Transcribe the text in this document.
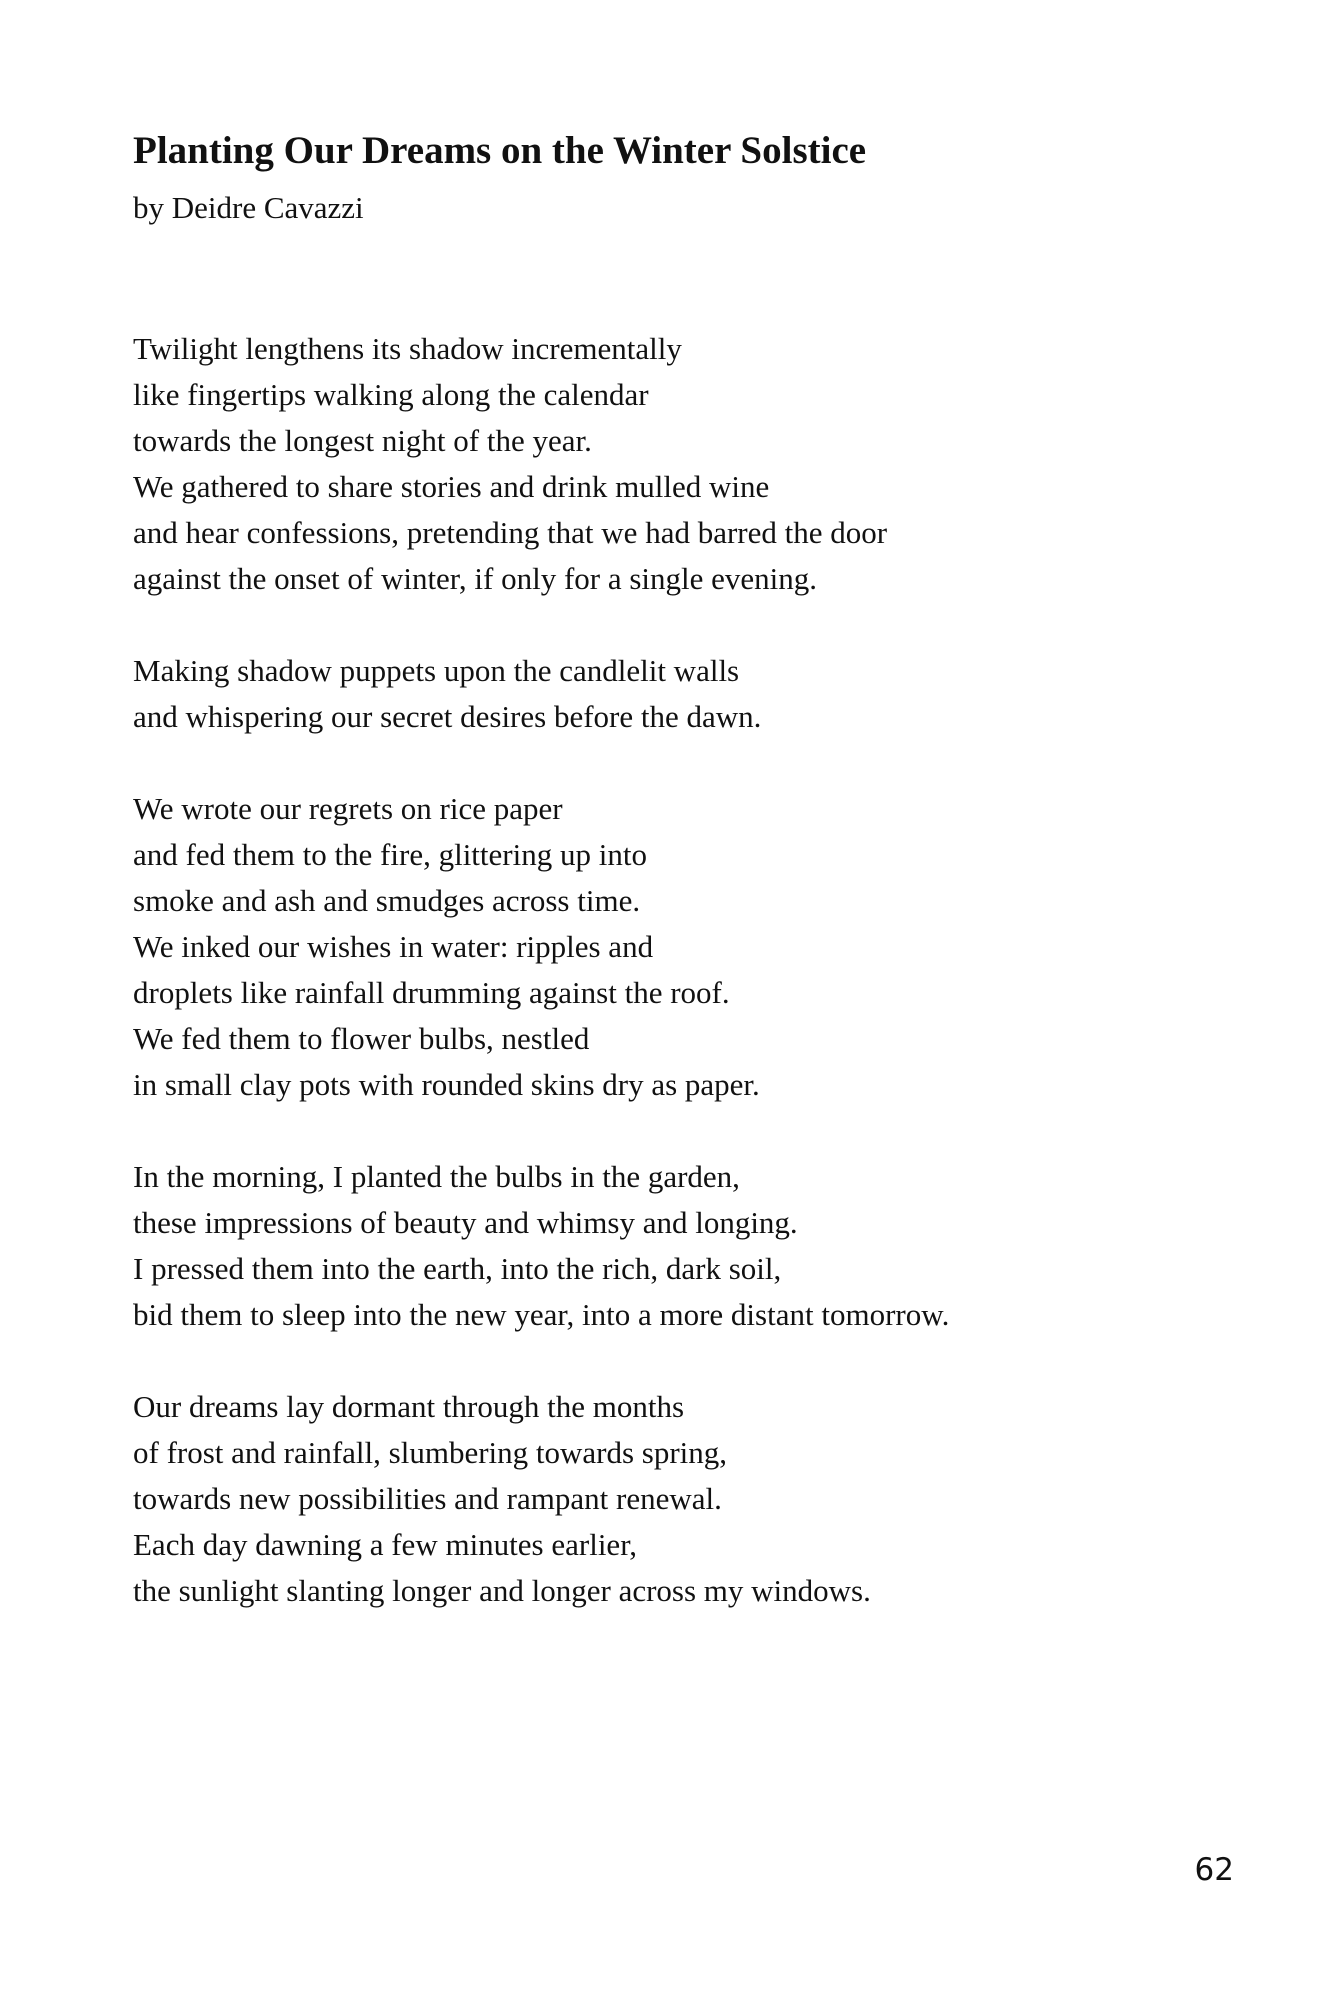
Planting Our Dreams on the Winter Solstice

by Deidre Cavazzi

Twilight lengthens its shadow incrementally
like fingertips walking along the calendar
towards the longest night of the year.
We gathered to share stories and drink mulled wine
and hear confessions, pretending that we had barred the door
against the onset of winter, if only for a single evening.
Making shadow puppets upon the candlelit walls
and whispering our secret desires before the dawn.
We wrote our regrets on rice paper
and fed them to the fire, glittering up into
smoke and ash and smudges across time.
We inked our wishes in water: ripples and
droplets like rainfall drumming against the roof.
We fed them to flower bulbs, nestled
in small clay pots with rounded skins dry as paper.
In the morning, I planted the bulbs in the garden,
these impressions of beauty and whimsy and longing.
I pressed them into the earth, into the rich, dark soil,
bid them to sleep into the new year, into a more distant tomorrow.
Our dreams lay dormant through the months
of frost and rainfall, slumbering towards spring,
towards new possibilities and rampant renewal.
Each day dawning a few minutes earlier,
the sunlight slanting longer and longer across my windows.
62
